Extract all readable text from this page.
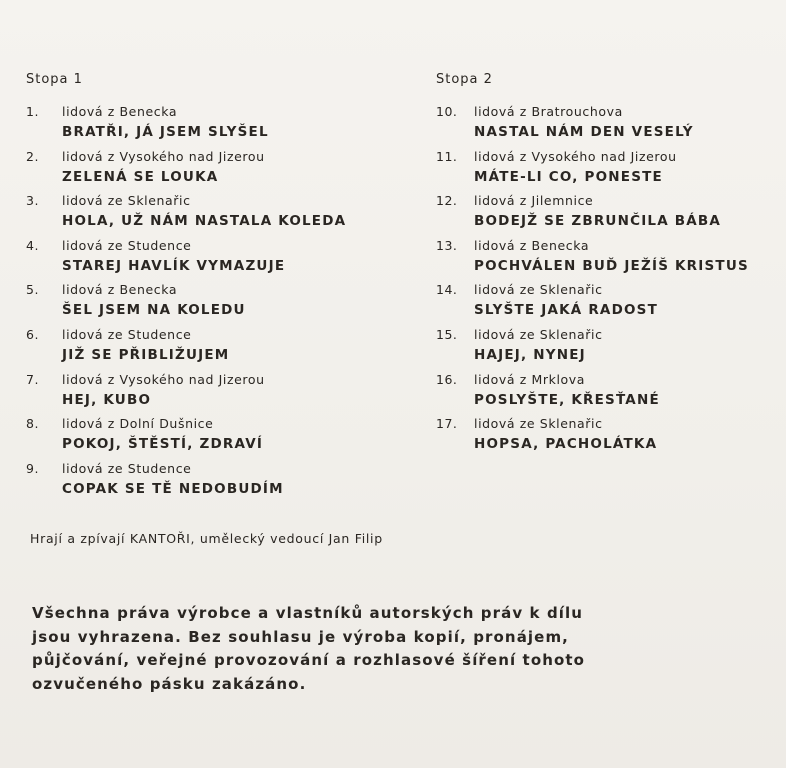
Stopa 1
1. lidová z Benecka
BRATŘI, JÁ JSEM SLYŠEL
2. lidová z Vysokého nad Jizerou
ZELENÁ SE LOUKA
3. lidová ze Sklenařic
HOLA, UŽ NÁM NASTALA KOLEDA
4. lidová ze Studence
STAREJ HAVLÍK VYMAZUJE
5. lidová z Benecka
ŠEL JSEM NA KOLEDU
6. lidová ze Studence
JIŽ SE PŘIBLIŽUJEM
7. lidová z Vysokého nad Jizerou
HEJ, KUBO
8. lidová z Dolní Dušnice
POKOJ, ŠTĚSTÍ, ZDRAVÍ
9. lidová ze Studence
COPAK SE TĚ NEDOBUDÍM
Stopa 2
10. lidová z Bratrouchova
NASTAL NÁM DEN VESELÝ
11. lidová z Vysokého nad Jizerou
MÁTE-LI CO, PONESTE
12. lidová z Jilemnice
BODEJŽ SE ZBRUNČILA BÁBA
13. lidová z Benecka
POCHVÁLEN BUĎ JEŽÍŠ KRISTUS
14. lidová ze Sklenařic
SLYŠTE JAKÁ RADOST
15. lidová ze Sklenařic
HAJEJ, NYNEJ
16. lidová z Mrklova
POSLYŠTE, KŘESŤANÉ
17. lidová ze Sklenařic
HOPSA, PACHOLÁTKA
Hrají a zpívají KANTOŘI, umělecký vedoucí Jan Filip
Všechna práva výrobce a vlastníků autorských práv k dílu
jsou vyhrazena. Bez souhlasu je výroba kopií, pronájem,
půjčování, veřejné provozování a rozhlasové šíření tohoto
ozvučeného pásku zakázáno.
